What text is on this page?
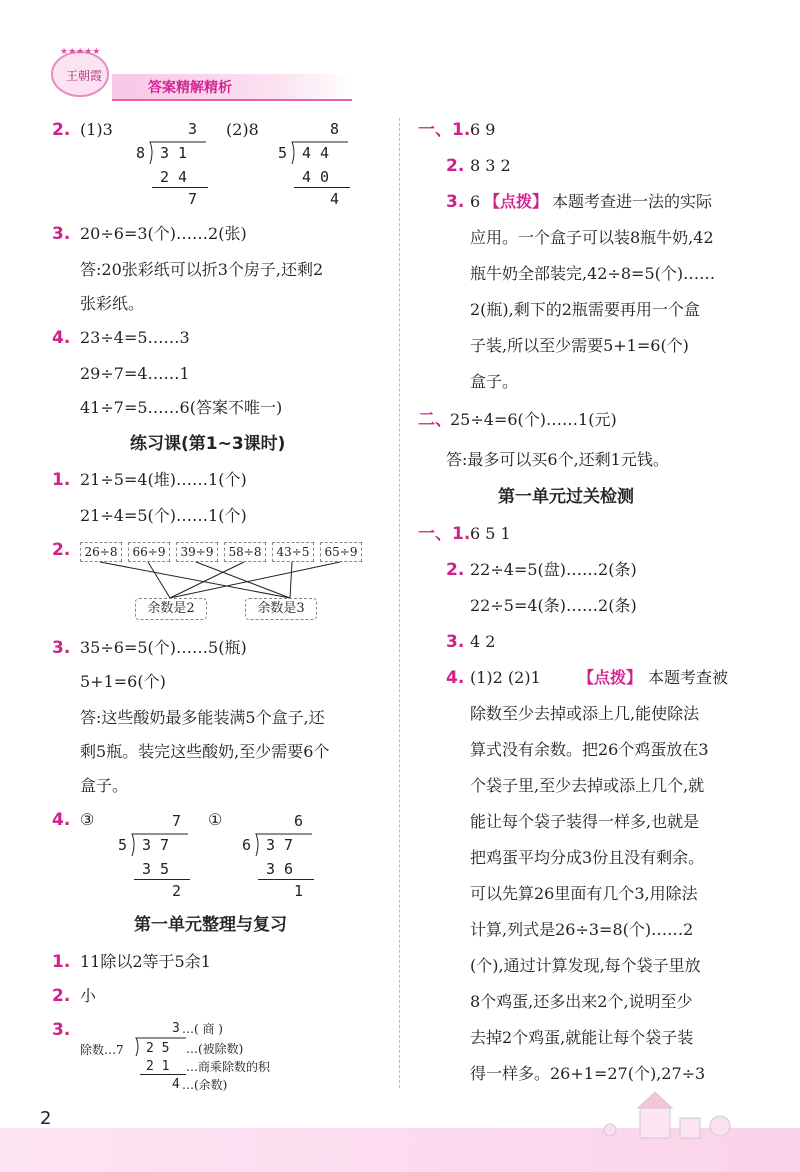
★★★★★
王朝霞
答案精解精析
2. (1)3	(2)8
3
8 3 1
2 4
7
8
5 4 4
4 0
4
3. 20÷6=3(个)……2(张)
答:20张彩纸可以折3个房子,还剩2
张彩纸。
4. 23÷4=5……3
29÷7=4……1
41÷7=5……6(答案不唯一)
练习课(第1~3课时)
1. 21÷5=4(堆)……1(个)
21÷4=5(个)……1(个)
2.	26÷8	66÷9	39÷9	58÷8	43÷5	65÷9
余数是2	余数是3
3. 35÷6=5(个)……5(瓶)
5+1=6(个)
答:这些酸奶最多能装满5个盒子,还
剩5瓶。装完这些酸奶,至少需要6个
盒子。
4. ③	①
7
5 3 7
3 5
2
6
6 3 7
3 6
1
第一单元整理与复习
1. 11除以2等于5余1
2. 小
3.	3 …( 商 )
除数…7 2 5 …(被除数)
2 1 …商乘除数的积
4 …(余数)
一、1. 6 9
2. 8 3 2
3. 6 【点拨】 本题考查进一法的实际
应用。一个盒子可以装8瓶牛奶,42
瓶牛奶全部装完,42÷8=5(个)……
2(瓶),剩下的2瓶需要再用一个盒
子装,所以至少需要5+1=6(个)
盒子。
二、
25÷4=6(个)……1(元)
答:最多可以买6个,还剩1元钱。
第一单元过关检测
一、1. 6 5 1
2. 22÷4=5(盘)……2(条)
22÷5=4(条)……2(条)
3. 4 2
4. (1)2 (2)1 【点拨】 本题考查被
除数至少去掉或添上几,能使除法
算式没有余数。把26个鸡蛋放在3
个袋子里,至少去掉或添上几个,就
能让每个袋子装得一样多,也就是
把鸡蛋平均分成3份且没有剩余。
可以先算26里面有几个3,用除法
计算,列式是26÷3=8(个)……2
(个),通过计算发现,每个袋子里放
8个鸡蛋,还多出来2个,说明至少
去掉2个鸡蛋,就能让每个袋子装
得一样多。26+1=27(个),27÷3
2
